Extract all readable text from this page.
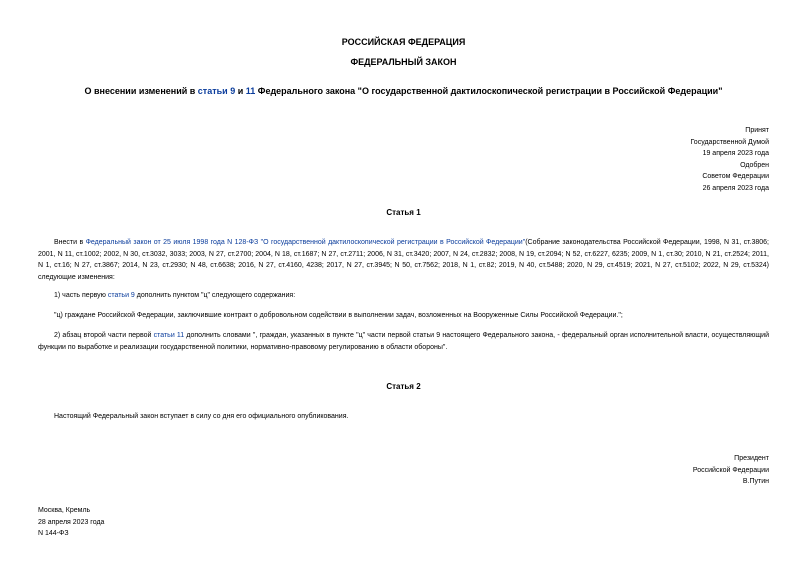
РОССИЙСКАЯ ФЕДЕРАЦИЯ
ФЕДЕРАЛЬНЫЙ ЗАКОН
О внесении изменений в статьи 9 и 11 Федерального закона "О государственной дактилоскопической регистрации в Российской Федерации"
Принят
Государственной Думой
19 апреля 2023 года
Одобрен
Советом Федерации
26 апреля 2023 года
Статья 1
Внести в Федеральный закон от 25 июля 1998 года N 128-ФЗ "О государственной дактилоскопической регистрации в Российской Федерации"(Собрание законодательства Российской Федерации, 1998, N 31, ст.3806; 2001, N 11, ст.1002; 2002, N 30, ст.3032, 3033; 2003, N 27, ст.2700; 2004, N 18, ст.1687; N 27, ст.2711; 2006, N 31, ст.3420; 2007, N 24, ст.2832; 2008, N 19, ст.2094; N 52, ст.6227, 6235; 2009, N 1, ст.30; 2010, N 21, ст.2524; 2011, N 1, ст.16; N 27, ст.3867; 2014, N 23, ст.2930; N 48, ст.6638; 2016, N 27, ст.4160, 4238; 2017, N 27, ст.3945; N 50, ст.7562; 2018, N 1, ст.82; 2019, N 40, ст.5488; 2020, N 29, ст.4519; 2021, N 27, ст.5102; 2022, N 29, ст.5324) следующие изменения:
1) часть первую статьи 9 дополнить пунктом "ц" следующего содержания:
"ц) граждане Российской Федерации, заключившие контракт о добровольном содействии в выполнении задач, возложенных на Вооруженные Силы Российской Федерации.";
2) абзац второй части первой статьи 11 дополнить словами ", граждан, указанных в пункте "ц" части первой статьи 9 настоящего Федерального закона, - федеральный орган исполнительной власти, осуществляющий функции по выработке и реализации государственной политики, нормативно-правовому регулированию в области обороны".
Статья 2
Настоящий Федеральный закон вступает в силу со дня его официального опубликования.
Президент
Российской Федерации
В.Путин
Москва, Кремль
28 апреля 2023 года
N 144-ФЗ
